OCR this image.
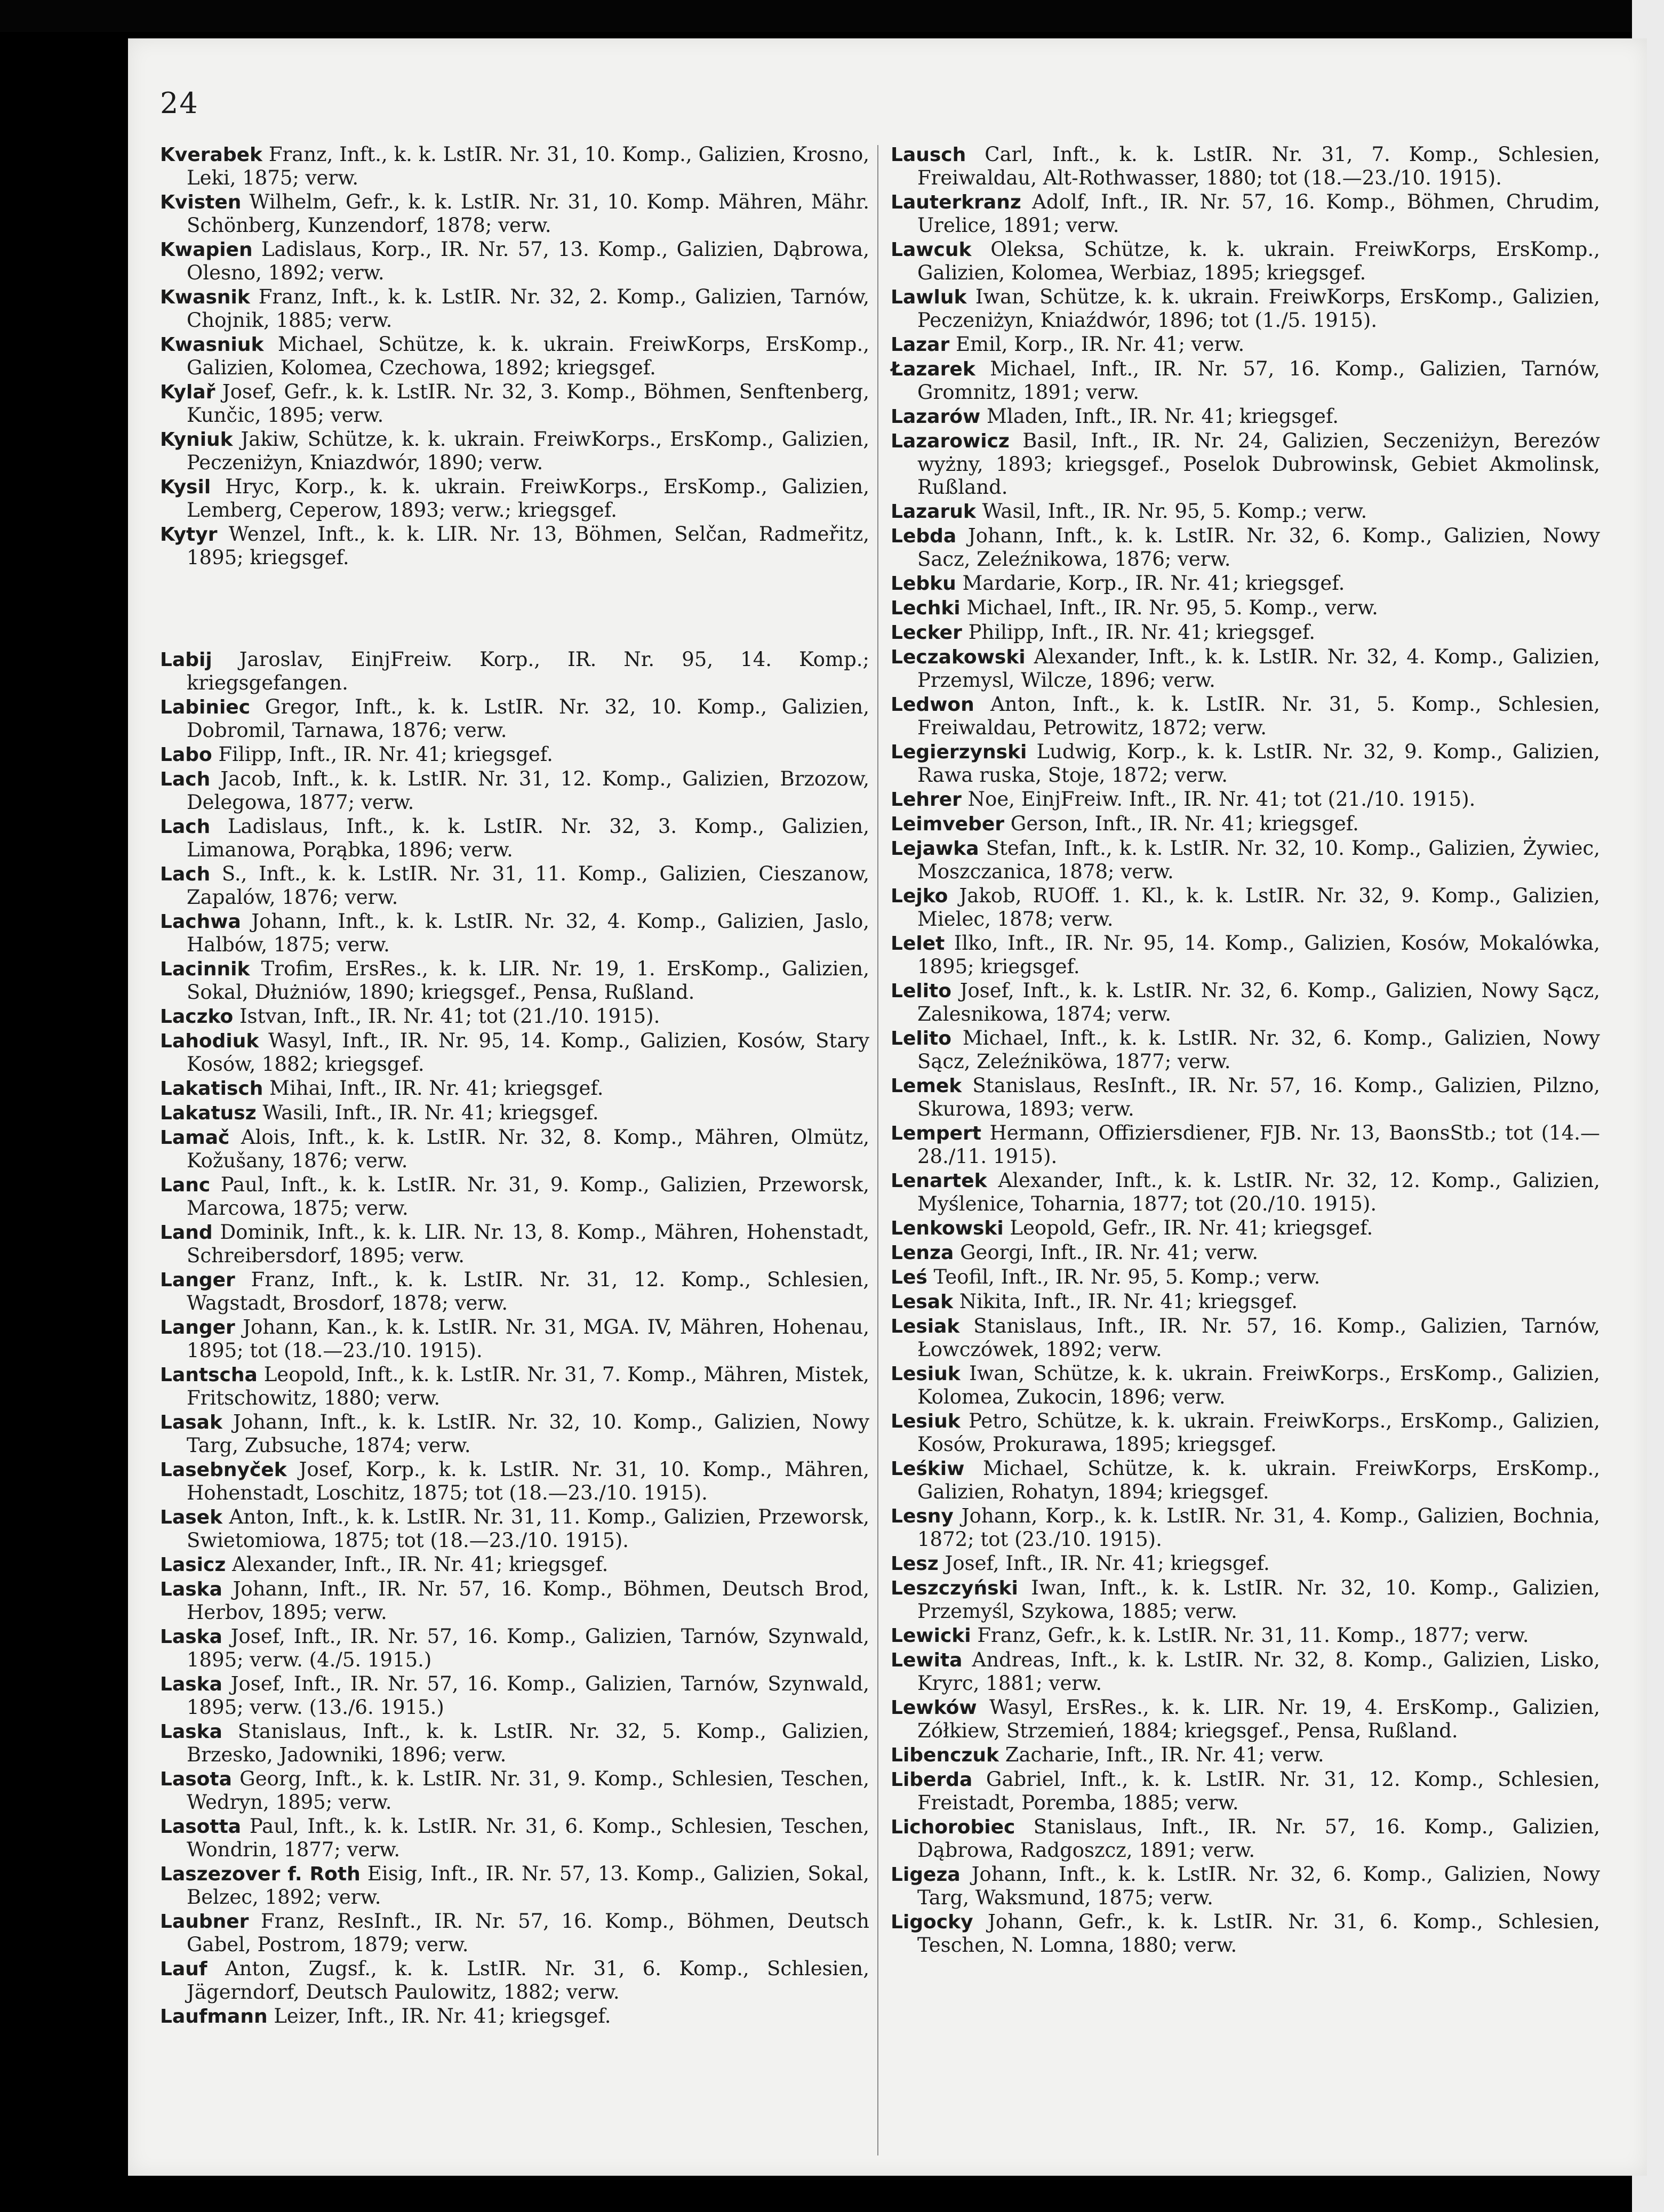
24
Kverabek Franz, Inft., k. k. LstIR. Nr. 31, 10. Komp., Galizien, Krosno, Leki, 1875; verw.
Kvisten Wilhelm, Gefr., k. k. LstIR. Nr. 31, 10. Komp. Mähren, Mähr. Schönberg, Kunzendorf, 1878; verw.
Kwapien Ladislaus, Korp., IR. Nr. 57, 13. Komp., Galizien, Dąbrowa, Olesno, 1892; verw.
Kwasnik Franz, Inft., k. k. LstIR. Nr. 32, 2. Komp., Galizien, Tarnów, Chojnik, 1885; verw.
Kwasniuk Michael, Schütze, k. k. ukrain. FreiwKorps, ErsKomp., Galizien, Kolomea, Czechowa, 1892; kriegsgef.
Kylař Josef, Gefr., k. k. LstIR. Nr. 32, 3. Komp., Böhmen, Senftenberg, Kunčic, 1895; verw.
Kyniuk Jakiw, Schütze, k. k. ukrain. FreiwKorps., ErsKomp., Galizien, Peczeniżyn, Kniazdwór, 1890; verw.
Kysil Hryc, Korp., k. k. ukrain. FreiwKorps., ErsKomp., Galizien, Lemberg, Ceperow, 1893; verw.; kriegsgef.
Kytyr Wenzel, Inft., k. k. LIR. Nr. 13, Böhmen, Selčan, Radmeřitz, 1895; kriegsgef.
Labij Jaroslav, EinjFreiw. Korp., IR. Nr. 95, 14. Komp.; kriegsgefangen.
Labiniec Gregor, Inft., k. k. LstIR. Nr. 32, 10. Komp., Galizien, Dobromil, Tarnawa, 1876; verw.
Labo Filipp, Inft., IR. Nr. 41; kriegsgef.
Lach Jacob, Inft., k. k. LstIR. Nr. 31, 12. Komp., Galizien, Brzozow, Delegowa, 1877; verw.
Lach Ladislaus, Inft., k. k. LstIR. Nr. 32, 3. Komp., Galizien, Limanowa, Porąbka, 1896; verw.
Lach S., Inft., k. k. LstIR. Nr. 31, 11. Komp., Galizien, Cieszanow, Zapalów, 1876; verw.
Lachwa Johann, Inft., k. k. LstIR. Nr. 32, 4. Komp., Galizien, Jaslo, Halbów, 1875; verw.
Lacinnik Trofim, ErsRes., k. k. LIR. Nr. 19, 1. ErsKomp., Galizien, Sokal, Dłużniów, 1890; kriegsgef., Pensa, Rußland.
Laczko Istvan, Inft., IR. Nr. 41; tot (21./10. 1915).
Lahodiuk Wasyl, Inft., IR. Nr. 95, 14. Komp., Galizien, Kosów, Stary Kosów, 1882; kriegsgef.
Lakatisch Mihai, Inft., IR. Nr. 41; kriegsgef.
Lakatusz Wasili, Inft., IR. Nr. 41; kriegsgef.
Lamač Alois, Inft., k. k. LstIR. Nr. 32, 8. Komp., Mähren, Olmütz, Kožušany, 1876; verw.
Lanc Paul, Inft., k. k. LstIR. Nr. 31, 9. Komp., Galizien, Przeworsk, Marcowa, 1875; verw.
Land Dominik, Inft., k. k. LIR. Nr. 13, 8. Komp., Mähren, Hohenstadt, Schreibersdorf, 1895; verw.
Langer Franz, Inft., k. k. LstIR. Nr. 31, 12. Komp., Schlesien, Wagstadt, Brosdorf, 1878; verw.
Langer Johann, Kan., k. k. LstIR. Nr. 31, MGA. IV, Mähren, Hohenau, 1895; tot (18.—23./10. 1915).
Lantscha Leopold, Inft., k. k. LstIR. Nr. 31, 7. Komp., Mähren, Mistek, Fritschowitz, 1880; verw.
Lasak Johann, Inft., k. k. LstIR. Nr. 32, 10. Komp., Galizien, Nowy Targ, Zubsuche, 1874; verw.
Lasebnyček Josef, Korp., k. k. LstIR. Nr. 31, 10. Komp., Mähren, Hohenstadt, Loschitz, 1875; tot (18.—23./10. 1915).
Lasek Anton, Inft., k. k. LstIR. Nr. 31, 11. Komp., Galizien, Przeworsk, Swietomiowa, 1875; tot (18.—23./10. 1915).
Lasicz Alexander, Inft., IR. Nr. 41; kriegsgef.
Laska Johann, Inft., IR. Nr. 57, 16. Komp., Böhmen, Deutsch Brod, Herbov, 1895; verw.
Laska Josef, Inft., IR. Nr. 57, 16. Komp., Galizien, Tarnów, Szynwald, 1895; verw. (4./5. 1915.)
Laska Josef, Inft., IR. Nr. 57, 16. Komp., Galizien, Tarnów, Szynwald, 1895; verw. (13./6. 1915.)
Laska Stanislaus, Inft., k. k. LstIR. Nr. 32, 5. Komp., Galizien, Brzesko, Jadowniki, 1896; verw.
Lasota Georg, Inft., k. k. LstIR. Nr. 31, 9. Komp., Schlesien, Teschen, Wedryn, 1895; verw.
Lasotta Paul, Inft., k. k. LstIR. Nr. 31, 6. Komp., Schlesien, Teschen, Wondrin, 1877; verw.
Laszezover f. Roth Eisig, Inft., IR. Nr. 57, 13. Komp., Galizien, Sokal, Belzec, 1892; verw.
Laubner Franz, ResInft., IR. Nr. 57, 16. Komp., Böhmen, Deutsch Gabel, Postrom, 1879; verw.
Lauf Anton, Zugsf., k. k. LstIR. Nr. 31, 6. Komp., Schlesien, Jägerndorf, Deutsch Paulowitz, 1882; verw.
Laufmann Leizer, Inft., IR. Nr. 41; kriegsgef.
Lausch Carl, Inft., k. k. LstIR. Nr. 31, 7. Komp., Schlesien, Freiwaldau, Alt-Rothwasser, 1880; tot (18.—23./10. 1915).
Lauterkranz Adolf, Inft., IR. Nr. 57, 16. Komp., Böhmen, Chrudim, Urelice, 1891; verw.
Lawcuk Oleksa, Schütze, k. k. ukrain. FreiwKorps, ErsKomp., Galizien, Kolomea, Werbiaz, 1895; kriegsgef.
Lawluk Iwan, Schütze, k. k. ukrain. FreiwKorps, ErsKomp., Galizien, Peczeniżyn, Kniaźdwór, 1896; tot (1./5. 1915).
Lazar Emil, Korp., IR. Nr. 41; verw.
Łazarek Michael, Inft., IR. Nr. 57, 16. Komp., Galizien, Tarnów, Gromnitz, 1891; verw.
Lazarów Mladen, Inft., IR. Nr. 41; kriegsgef.
Lazarowicz Basil, Inft., IR. Nr. 24, Galizien, Seczeniżyn, Berezów wyżny, 1893; kriegsgef., Poselok Dubrowinsk, Gebiet Akmolinsk, Rußland.
Lazaruk Wasil, Inft., IR. Nr. 95, 5. Komp.; verw.
Lebda Johann, Inft., k. k. LstIR. Nr. 32, 6. Komp., Galizien, Nowy Sacz, Zeleźnikowa, 1876; verw.
Lebku Mardarie, Korp., IR. Nr. 41; kriegsgef.
Lechki Michael, Inft., IR. Nr. 95, 5. Komp., verw.
Lecker Philipp, Inft., IR. Nr. 41; kriegsgef.
Leczakowski Alexander, Inft., k. k. LstIR. Nr. 32, 4. Komp., Galizien, Przemysl, Wilcze, 1896; verw.
Ledwon Anton, Inft., k. k. LstIR. Nr. 31, 5. Komp., Schlesien, Freiwaldau, Petrowitz, 1872; verw.
Legierzynski Ludwig, Korp., k. k. LstIR. Nr. 32, 9. Komp., Galizien, Rawa ruska, Stoje, 1872; verw.
Lehrer Noe, EinjFreiw. Inft., IR. Nr. 41; tot (21./10. 1915).
Leimveber Gerson, Inft., IR. Nr. 41; kriegsgef.
Lejawka Stefan, Inft., k. k. LstIR. Nr. 32, 10. Komp., Galizien, Żywiec, Moszczanica, 1878; verw.
Lejko Jakob, RUOff. 1. Kl., k. k. LstIR. Nr. 32, 9. Komp., Galizien, Mielec, 1878; verw.
Lelet Ilko, Inft., IR. Nr. 95, 14. Komp., Galizien, Kosów, Mokalówka, 1895; kriegsgef.
Lelito Josef, Inft., k. k. LstIR. Nr. 32, 6. Komp., Galizien, Nowy Sącz, Zalesnikowa, 1874; verw.
Lelito Michael, Inft., k. k. LstIR. Nr. 32, 6. Komp., Galizien, Nowy Sącz, Zeleźniköwa, 1877; verw.
Lemek Stanislaus, ResInft., IR. Nr. 57, 16. Komp., Galizien, Pilzno, Skurowa, 1893; verw.
Lempert Hermann, Offiziersdiener, FJB. Nr. 13, BaonsStb.; tot (14.—28./11. 1915).
Lenartek Alexander, Inft., k. k. LstIR. Nr. 32, 12. Komp., Galizien, Myślenice, Toharnia, 1877; tot (20./10. 1915).
Lenkowski Leopold, Gefr., IR. Nr. 41; kriegsgef.
Lenza Georgi, Inft., IR. Nr. 41; verw.
Leś Teofil, Inft., IR. Nr. 95, 5. Komp.; verw.
Lesak Nikita, Inft., IR. Nr. 41; kriegsgef.
Lesiak Stanislaus, Inft., IR. Nr. 57, 16. Komp., Galizien, Tarnów, Łowczówek, 1892; verw.
Lesiuk Iwan, Schütze, k. k. ukrain. FreiwKorps., ErsKomp., Galizien, Kolomea, Zukocin, 1896; verw.
Lesiuk Petro, Schütze, k. k. ukrain. FreiwKorps., ErsKomp., Galizien, Kosów, Prokurawa, 1895; kriegsgef.
Leśkiw Michael, Schütze, k. k. ukrain. FreiwKorps, ErsKomp., Galizien, Rohatyn, 1894; kriegsgef.
Lesny Johann, Korp., k. k. LstIR. Nr. 31, 4. Komp., Galizien, Bochnia, 1872; tot (23./10. 1915).
Lesz Josef, Inft., IR. Nr. 41; kriegsgef.
Leszczyński Iwan, Inft., k. k. LstIR. Nr. 32, 10. Komp., Galizien, Przemyśl, Szykowa, 1885; verw.
Lewicki Franz, Gefr., k. k. LstIR. Nr. 31, 11. Komp., 1877; verw.
Lewita Andreas, Inft., k. k. LstIR. Nr. 32, 8. Komp., Galizien, Lisko, Kryrc, 1881; verw.
Lewków Wasyl, ErsRes., k. k. LIR. Nr. 19, 4. ErsKomp., Galizien, Zółkiew, Strzemień, 1884; kriegsgef., Pensa, Rußland.
Libenczuk Zacharie, Inft., IR. Nr. 41; verw.
Liberda Gabriel, Inft., k. k. LstIR. Nr. 31, 12. Komp., Schlesien, Freistadt, Poremba, 1885; verw.
Lichorobiec Stanislaus, Inft., IR. Nr. 57, 16. Komp., Galizien, Dąbrowa, Radgoszcz, 1891; verw.
Ligeza Johann, Inft., k. k. LstIR. Nr. 32, 6. Komp., Galizien, Nowy Targ, Waksmund, 1875; verw.
Ligocky Johann, Gefr., k. k. LstIR. Nr. 31, 6. Komp., Schlesien, Teschen, N. Lomna, 1880; verw.
